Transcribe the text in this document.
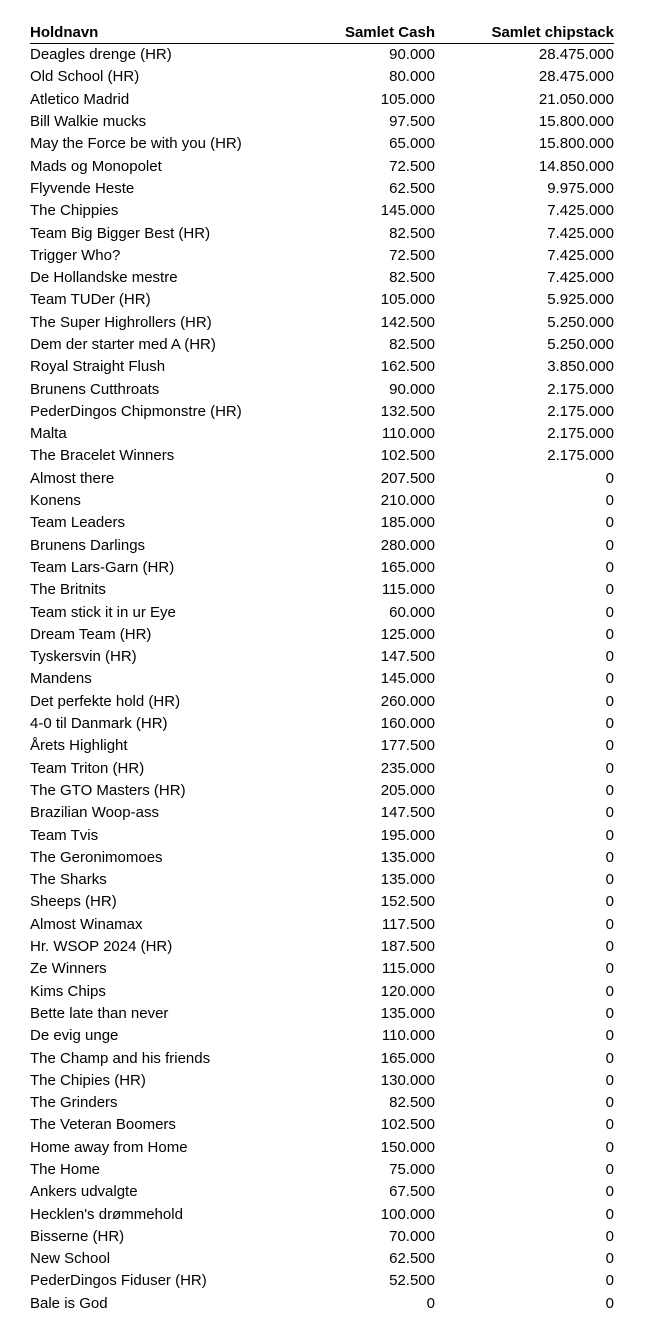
Holdnavn	Samlet Cash	Samlet chipstack
Deagles drenge (HR)	90.000	28.475.000
Old School (HR)	80.000	28.475.000
Atletico Madrid	105.000	21.050.000
Bill Walkie mucks	97.500	15.800.000
May the Force be with you (HR)	65.000	15.800.000
Mads og Monopolet	72.500	14.850.000
Flyvende Heste	62.500	9.975.000
The Chippies	145.000	7.425.000
Team Big Bigger Best (HR)	82.500	7.425.000
Trigger Who?	72.500	7.425.000
De Hollandske mestre	82.500	7.425.000
Team TUDer (HR)	105.000	5.925.000
The Super Highrollers (HR)	142.500	5.250.000
Dem der starter med A (HR)	82.500	5.250.000
Royal Straight Flush	162.500	3.850.000
Brunens Cutthroats	90.000	2.175.000
PederDingos Chipmonstre (HR)	132.500	2.175.000
Malta	110.000	2.175.000
The Bracelet Winners	102.500	2.175.000
Almost there	207.500	0
Konens	210.000	0
Team Leaders	185.000	0
Brunens Darlings	280.000	0
Team Lars-Garn (HR)	165.000	0
The Britnits	115.000	0
Team stick it in ur Eye	60.000	0
Dream Team (HR)	125.000	0
Tyskersvin (HR)	147.500	0
Mandens	145.000	0
Det perfekte hold (HR)	260.000	0
4-0 til Danmark (HR)	160.000	0
Årets Highlight	177.500	0
Team Triton (HR)	235.000	0
The GTO Masters (HR)	205.000	0
Brazilian Woop-ass	147.500	0
Team Tvis	195.000	0
The Geronimomoes	135.000	0
The Sharks	135.000	0
Sheeps (HR)	152.500	0
Almost Winamax	117.500	0
Hr. WSOP 2024 (HR)	187.500	0
Ze Winners	115.000	0
Kims Chips	120.000	0
Bette late than never	135.000	0
De evig unge	110.000	0
The Champ and his friends	165.000	0
The Chipies (HR)	130.000	0
The Grinders	82.500	0
The Veteran Boomers	102.500	0
Home away from Home	150.000	0
The Home	75.000	0
Ankers udvalgte	67.500	0
Hecklen's drømmehold	100.000	0
Bisserne (HR)	70.000	0
New School	62.500	0
PederDingos Fiduser (HR)	52.500	0
Bale is God	0	0
